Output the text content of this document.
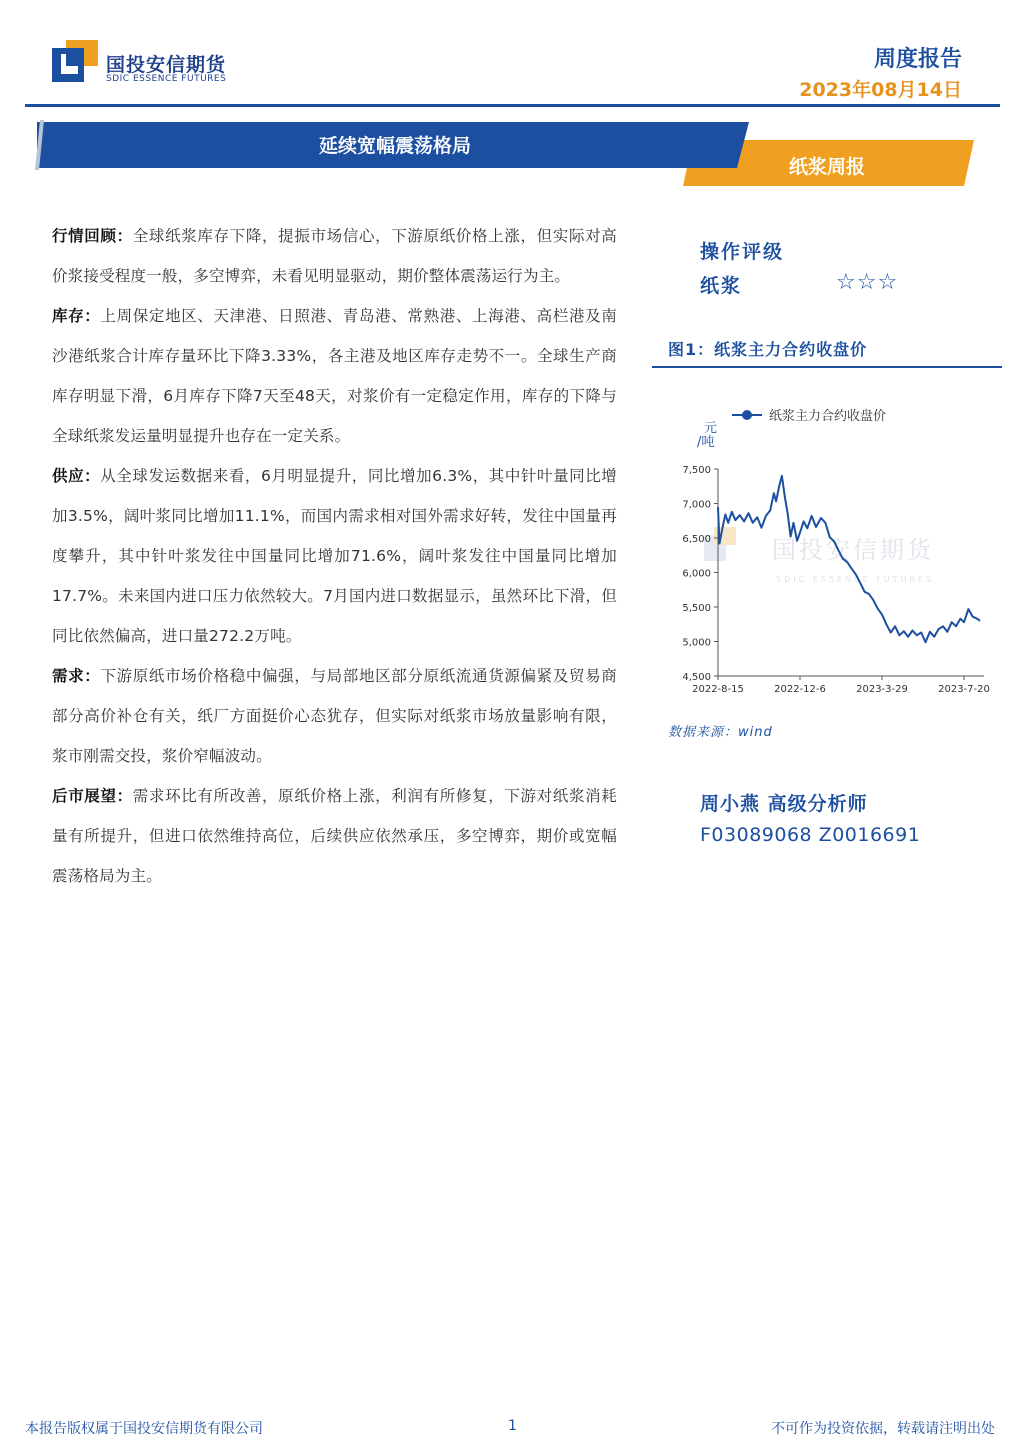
国投安信期货
SDIC ESSENCE FUTURES
周度报告
2023年08月14日
延续宽幅震荡格局
纸浆周报

行情回顾：全球纸浆库存下降，提振市场信心，下游原纸价格上涨，但实际对高价浆接受程度一般，多空博弈，未看见明显驱动，期价整体震荡运行为主。

库存：上周保定地区、天津港、日照港、青岛港、常熟港、上海港、高栏港及南沙港纸浆合计库存量环比下降3.33%，各主港及地区库存走势不一。全球生产商库存明显下滑，6月库存下降7天至48天，对浆价有一定稳定作用，库存的下降与全球纸浆发运量明显提升也存在一定关系。

供应：从全球发运数据来看，6月明显提升，同比增加6.3%，其中针叶量同比增加3.5%，阔叶浆同比增加11.1%，而国内需求相对国外需求好转，发往中国量再度攀升，其中针叶浆发往中国量同比增加71.6%，阔叶浆发往中国量同比增加17.7%。未来国内进口压力依然较大。7月国内进口数据显示，虽然环比下滑，但同比依然偏高，进口量272.2万吨。

需求：下游原纸市场价格稳中偏强，与局部地区部分原纸流通货源偏紧及贸易商部分高价补仓有关，纸厂方面挺价心态犹存，但实际对纸浆市场放量影响有限，浆市刚需交投，浆价窄幅波动。

后市展望：需求环比有所改善，原纸价格上涨，利润有所修复，下游对纸浆消耗量有所提升，但进口依然维持高位，后续供应依然承压，多空博弈，期价或宽幅震荡格局为主。

操作评级
纸浆	☆☆☆
图1：纸浆主力合约收盘价
国投安信期货
SDIC ESSENCE FUTURES
纸浆主力合约收盘价
元
/吨
4,500
5,000
5,500
6,000
6,500
7,000
7,500
2022-8-15	2022-12-6	2023-3-29	2023-7-20
数据来源：wind
周小燕 高级分析师
F03089068 Z0016691
本报告版权属于国投安信期货有限公司	1	不可作为投资依据，转载请注明出处
